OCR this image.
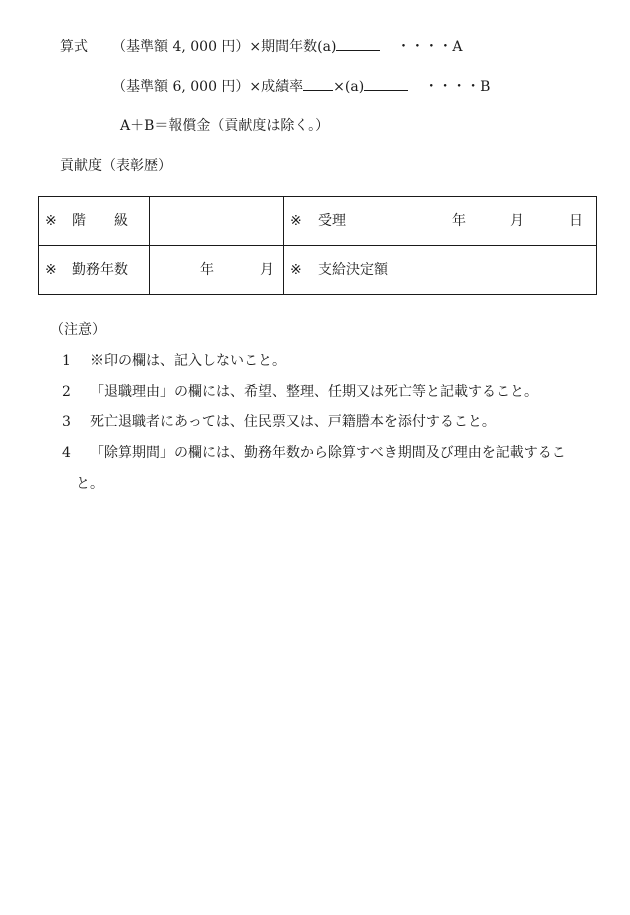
算式 （基準額 4, 000 円）×期間年数(a)	・・・・A
（基準額 6, 000 円）×成績率 ×(a)	・・・・B
A＋B＝報償金（貢献度は除く。）
貢献度（表彰歴）
※ 階　　級		※ 受理 年 月 日

※ 勤務年数	年 月	※ 支給決定額
（注意）
1 ※印の欄は、記入しないこと。
2 「退職理由」の欄には、希望、整理、任期又は死亡等と記載すること。
3 死亡退職者にあっては、住民票又は、戸籍謄本を添付すること。
4 「除算期間」の欄には、勤務年数から除算すべき期間及び理由を記載するこ
と。
